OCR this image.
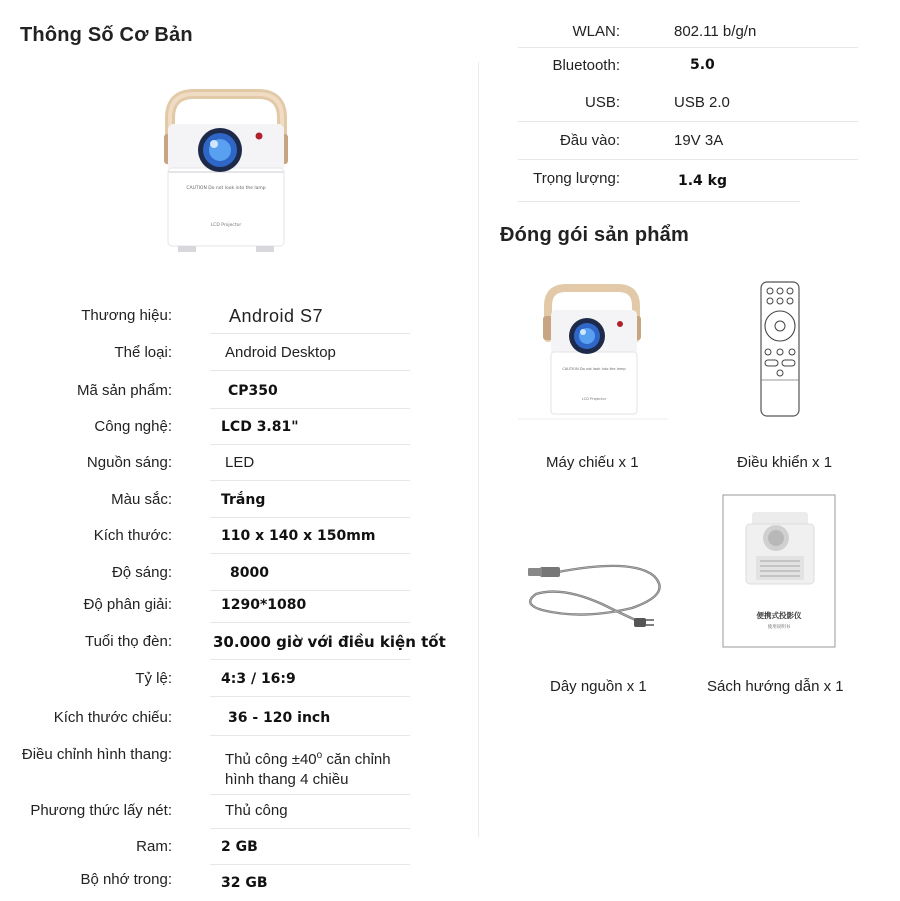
Thông Số Cơ Bản
CAUTION Do not look into the lamp
LCD Projector
Thương hiệu:	Android S7
Thể loại:	Android Desktop
Mã sản phẩm:	CP350
Công nghệ:	LCD 3.81"
Nguồn sáng:	LED
Màu sắc:	Trắng
Kích thước:	110 x 140 x 150mm
Độ sáng:	8000
Độ phân giải:	1290*1080
Tuổi thọ đèn:	30.000 giờ với điều kiện tốt
Tỷ lệ:	4:3 / 16:9
Kích thước chiếu:	36 - 120 inch
Điều chỉnh hình thang:	Thủ công $\pm 40^o$ căn chỉnh
hình thang 4 chiều
Phương thức lấy nét:	Thủ công
Ram:	2 GB
Bộ nhớ trong:	32 GB
WLAN:	802.11 b/g/n
Bluetooth:	5.0
USB:	USB 2.0
Đầu vào:	19V 3A
Trọng lượng:	1.4 kg
Đóng gói sản phẩm
CAUTION Do not look into the lamp
LCD Projector
Máy chiếu x 1	Điều khiển x 1
Dây nguồn x 1
便携式投影仪
使用说明书
Sách hướng dẫn x 1
